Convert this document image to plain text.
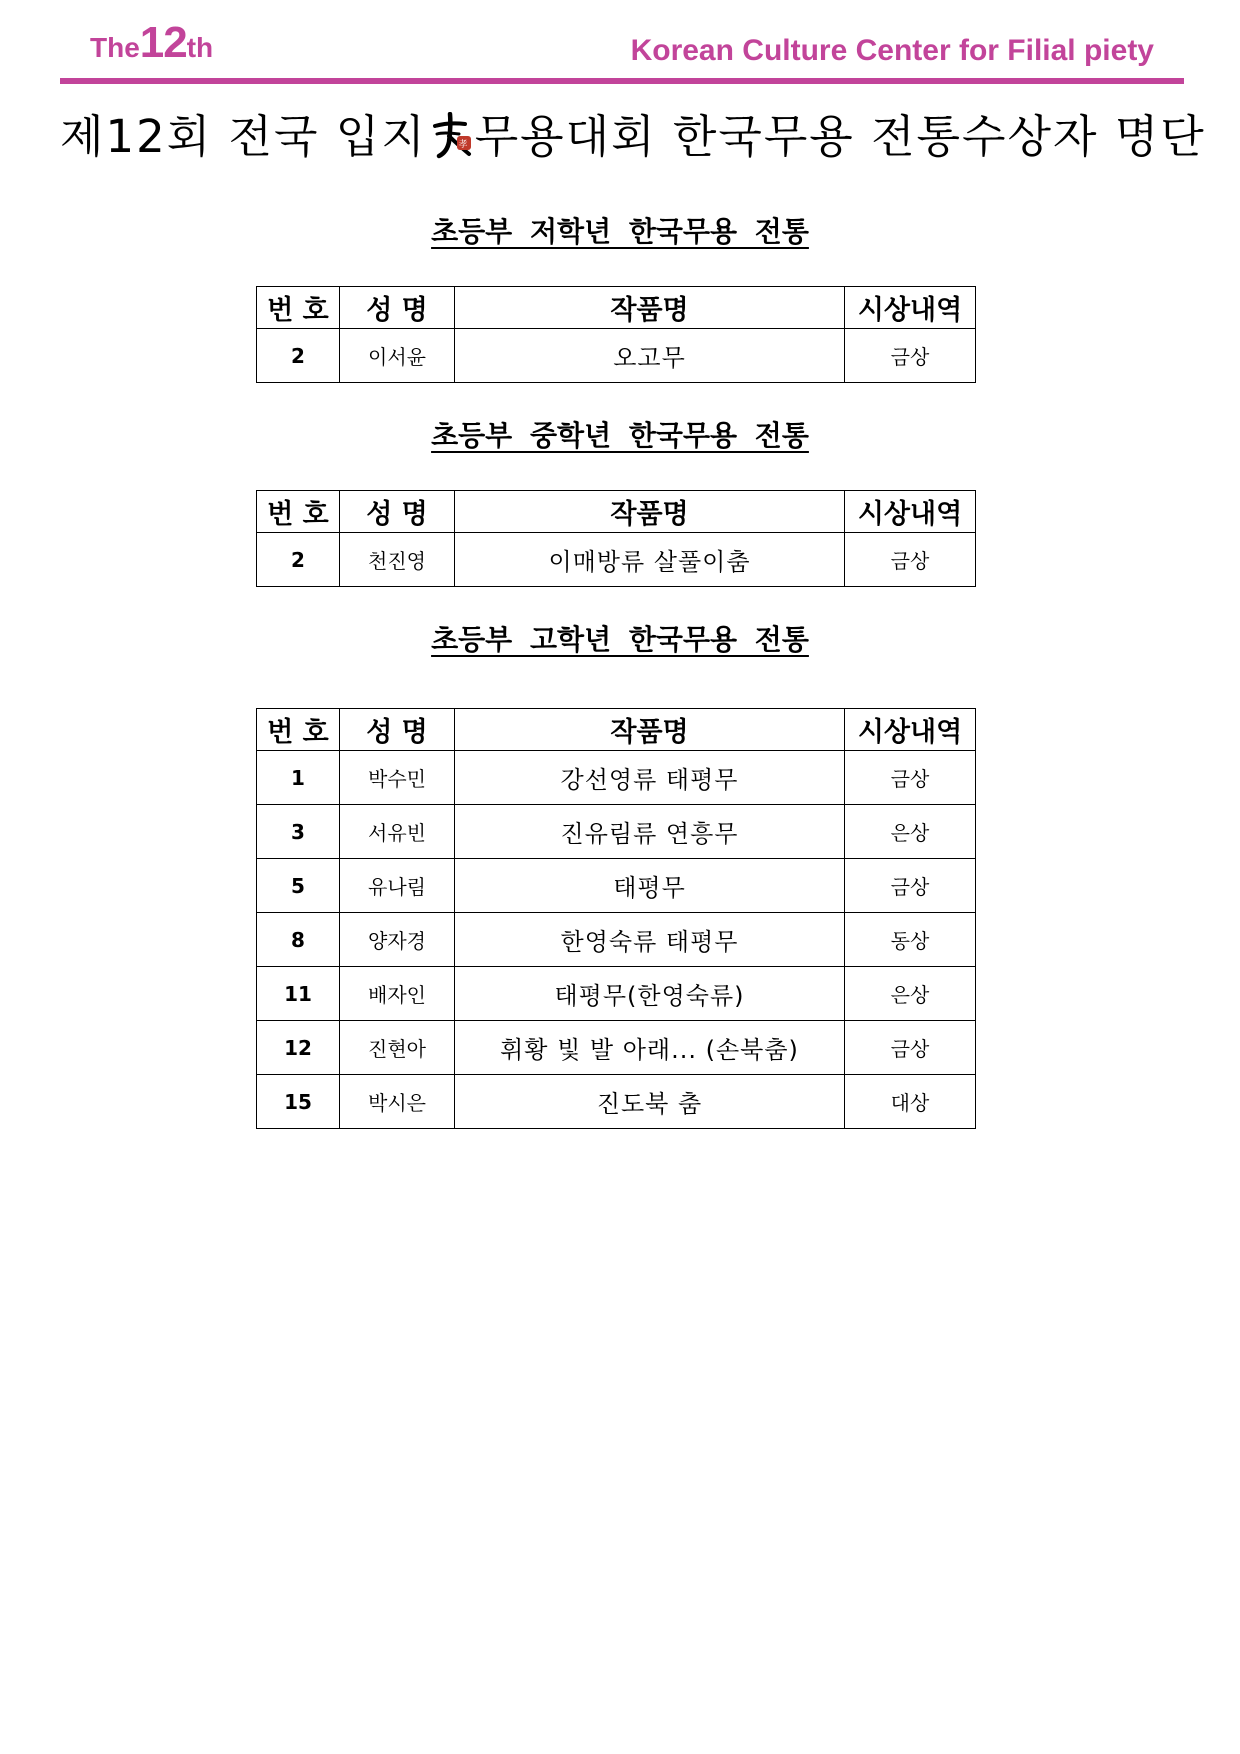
The12th	Korean Culture Center for Filial piety
제12회 전국 입지	孝 무용대회 한국무용 전통수상자 명단
초등부 저학년 한국무용 전통
번 호	성 명	작품명	시상내역
2	이서윤	오고무	금상
초등부 중학년 한국무용 전통
번 호	성 명	작품명	시상내역
2	천진영	이매방류 살풀이춤	금상
초등부 고학년 한국무용 전통
번 호	성 명	작품명	시상내역
1	박수민	강선영류 태평무	금상
3	서유빈	진유림류 연흥무	은상
5	유나림	태평무	금상
8	양자경	한영숙류 태평무	동상
11	배자인	태평무(한영숙류)	은상
12	진현아	휘황 빛 발 아래... (손북춤)	금상
15	박시은	진도북 춤	대상
